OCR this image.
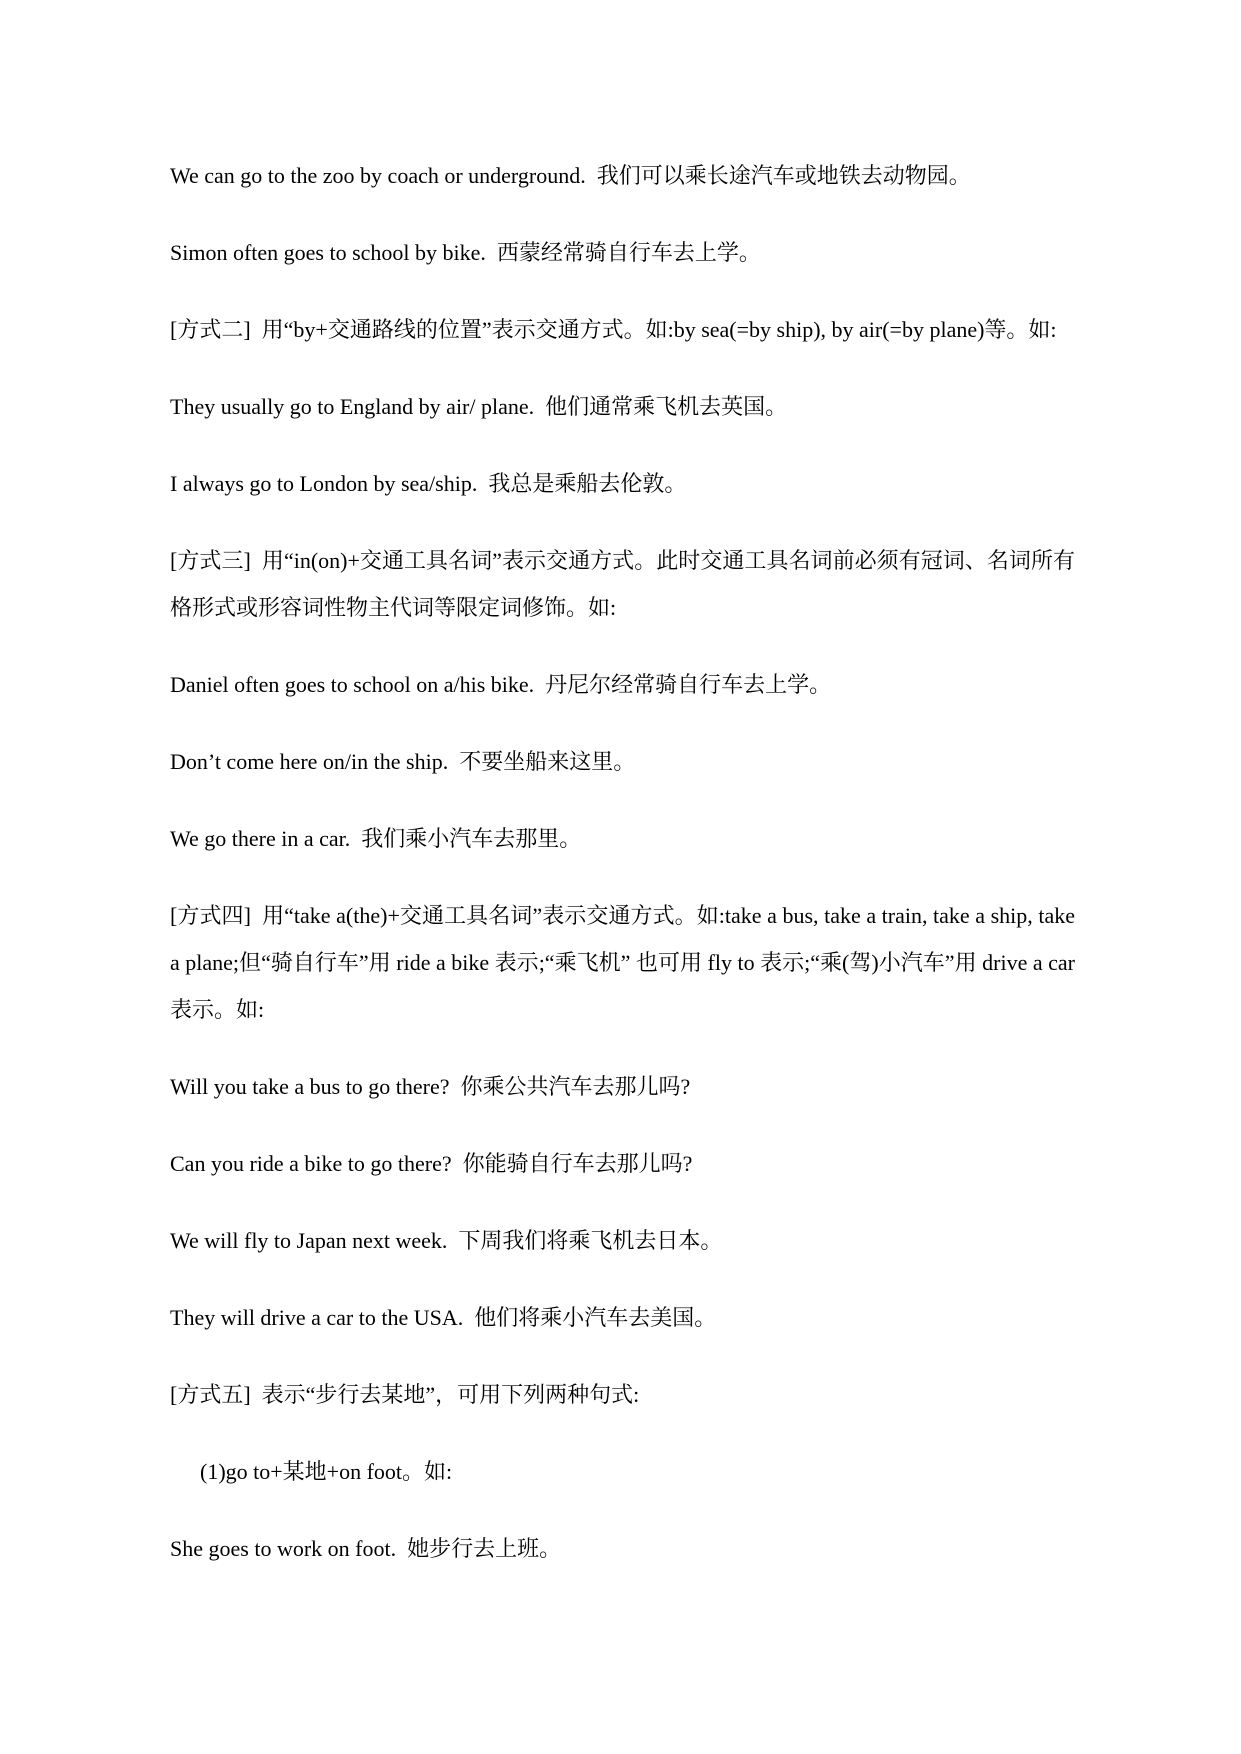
We can go to the zoo by coach or underground.  我们可以乘长途汽车或地铁去动物园。

Simon often goes to school by bike.  西蒙经常骑自行车去上学。

[方式二]  用“by+交通路线的位置”表示交通方式。如:by sea(=by ship), by air(=by plane)等。如:

They usually go to England by air/ plane.  他们通常乘飞机去英国。

I always go to London by sea/ship.  我总是乘船去伦敦。

[方式三]  用“in(on)+交通工具名词”表示交通方式。此时交通工具名词前必须有冠词、名词所有格形式或形容词性物主代词等限定词修饰。如:

Daniel often goes to school on a/his bike.  丹尼尔经常骑自行车去上学。

Don’t come here on/in the ship.  不要坐船来这里。

We go there in a car.  我们乘小汽车去那里。

[方式四]  用“take a(the)+交通工具名词”表示交通方式。如:take a bus, take a train, take a ship, take a plane;但“骑自行车”用 ride a bike 表示;“乘飞机” 也可用 fly to 表示;“乘(驾)小汽车”用 drive a car 表示。如:

Will you take a bus to go there?  你乘公共汽车去那儿吗?

Can you ride a bike to go there?  你能骑自行车去那儿吗?

We will fly to Japan next week.  下周我们将乘飞机去日本。

They will drive a car to the USA.  他们将乘小汽车去美国。

[方式五]  表示“步行去某地”，可用下列两种句式:

(1)go to+某地+on foot。如:

She goes to work on foot.  她步行去上班。
